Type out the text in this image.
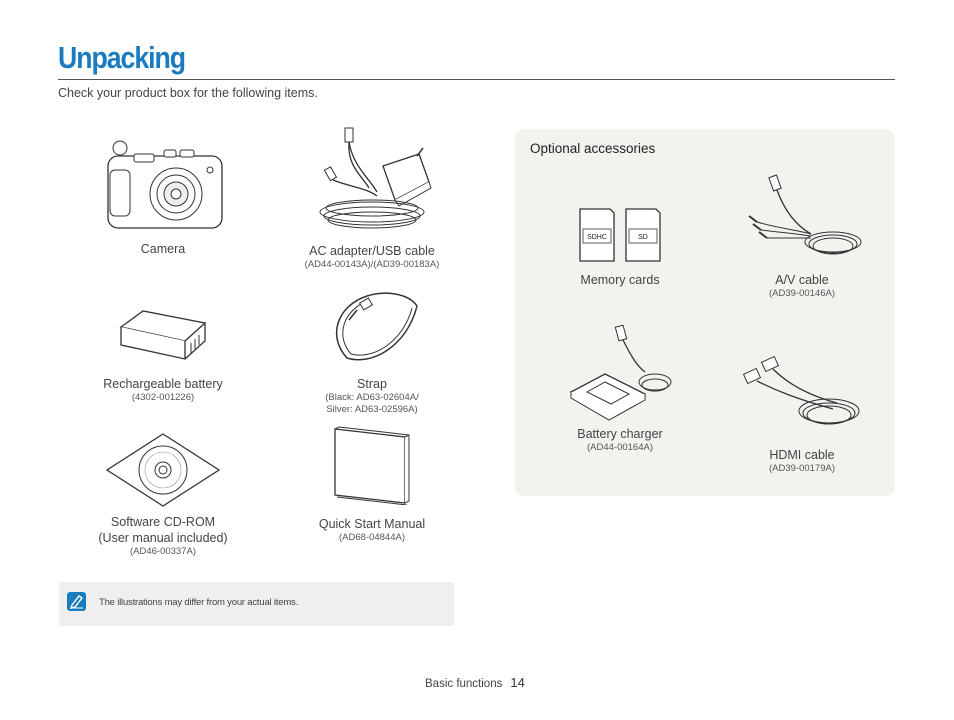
Unpacking
Check your product box for the following items.
Camera	AC adapter/USB cable
(AD44-00143A)/(AD39-00183A)
Rechargeable battery
(4302-001226)
Strap
(Black: AD63-02604A/
Silver: AD63-02596A)
Software CD-ROM
(User manual included)
(AD46-00337A)
Quick Start Manual
(AD68-04844A)
Optional accessories
SDHC	SD
Memory cards	A/V cable
(AD39-00146A)
Battery charger
(AD44-00164A)
HDMI cable
(AD39-00179A)
The illustrations may differ from your actual items.
Basic functions 14
